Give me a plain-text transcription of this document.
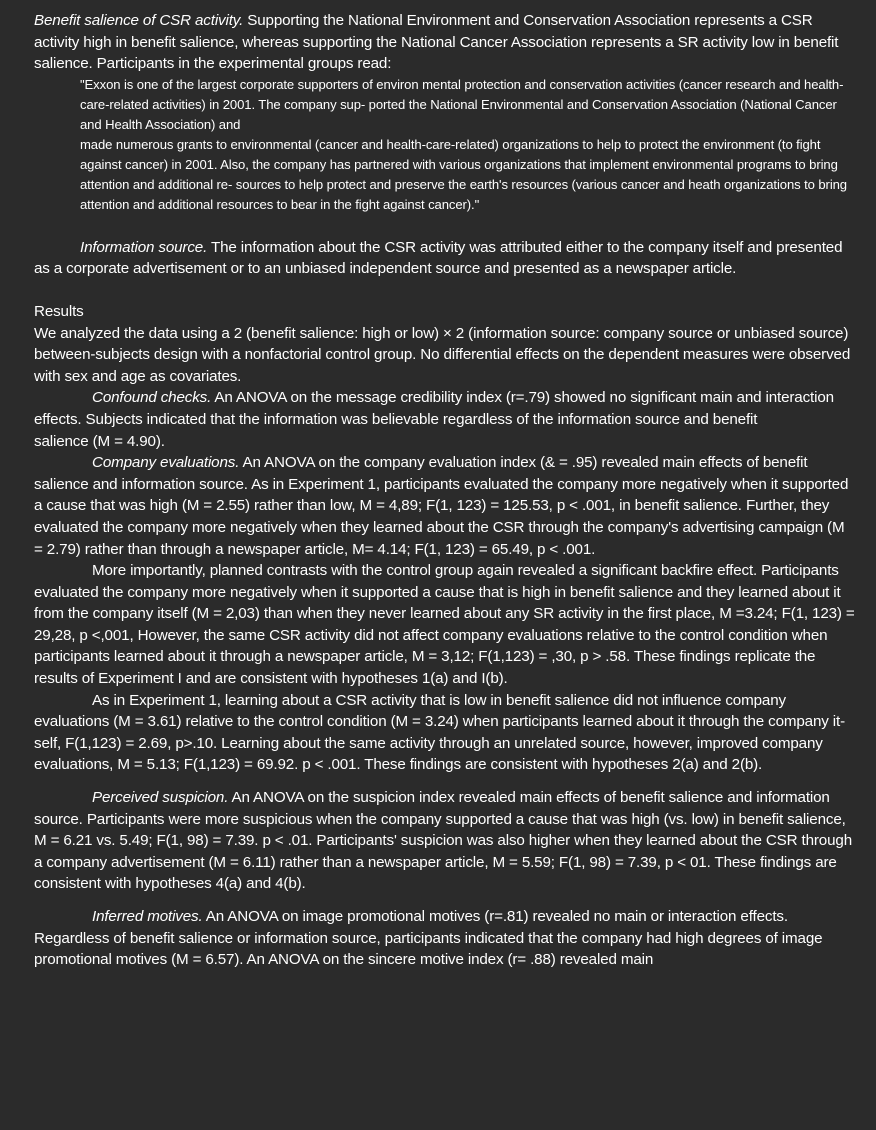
Benefit salience of CSR activity. Supporting the National Environment and Conservation Association represents a CSR activity high in benefit salience, whereas supporting the National Cancer Association represents a SR activity low in benefit salience. Participants in the experimental groups read:

"Exxon is one of the largest corporate supporters of environ mental protection and conservation activities (cancer research and health-care-related activities) in 2001. The company sup- ported the National Environmental and Conservation Association (National Cancer and Health Association) and
made numerous grants to environmental (cancer and health-care-related) organizations to help to protect the environment (to fight against cancer) in 2001. Also, the company has partnered with various organizations that implement environmental programs to bring attention and additional re- sources to help protect and preserve the earth's resources (various cancer and heath organizations to bring attention and additional resources to bear in the fight against cancer)."

Information source. The information about the CSR activity was attributed either to the company itself and presented as a corporate advertisement or to an unbiased independent source and presented as a newspaper article.

Results

We analyzed the data using a 2 (benefit salience: high or low) × 2 (information source: company source or unbiased source) between-subjects design with a nonfactorial control group. No differential effects on the dependent measures were observed with sex and age as covariates.

Confound checks. An ANOVA on the message credibility index (r=.79) showed no significant main and interaction effects. Subjects indicated that the information was believable regardless of the information source and benefit
salience (M = 4.90).

Company evaluations. An ANOVA on the company evaluation index (& = .95) revealed main effects of benefit salience and information source. As in Experiment 1, participants evaluated the company more negatively when it supported a cause that was high (M = 2.55) rather than low, M = 4,89; F(1, 123) = 125.53, p < .001, in benefit salience. Further, they evaluated the company more negatively when they learned about the CSR through the company's advertising campaign (M = 2.79) rather than through a newspaper article, M= 4.14; F(1, 123) = 65.49, p < .001.

More importantly, planned contrasts with the control group again revealed a significant backfire effect. Participants evaluated the company more negatively when it supported a cause that is high in benefit salience and they learned about it from the company itself (M = 2,03) than when they never learned about any SR activity in the first place, M =3.24; F(1, 123) = 29,28, p <,001, However, the same CSR activity did not affect company evaluations relative to the control condition when participants learned about it through a newspaper article, M = 3,12; F(1,123) = ,30, p > .58. These findings replicate the results of Experiment I and are consistent with hypotheses 1(a) and I(b).

As in Experiment 1, learning about a CSR activity that is low in benefit salience did not influence company evaluations (M = 3.61) relative to the control condition (M = 3.24) when participants learned about it through the company it- self, F(1,123) = 2.69, p>.10. Learning about the same activity through an unrelated source, however, improved company evaluations, M = 5.13; F(1,123) = 69.92. p < .001. These findings are consistent with hypotheses 2(a) and 2(b).

Perceived suspicion. An ANOVA on the suspicion index revealed main effects of benefit salience and information source. Participants were more suspicious when the company supported a cause that was high (vs. low) in benefit salience, M = 6.21 vs. 5.49; F(1, 98) = 7.39. p < .01. Participants' suspicion was also higher when they learned about the CSR through a company advertisement (M = 6.11) rather than a newspaper article, M = 5.59; F(1, 98) = 7.39, p < 01. These findings are consistent with hypotheses 4(a) and 4(b).

Inferred motives. An ANOVA on image promotional motives (r=.81) revealed no main or interaction effects. Regardless of benefit salience or information source, participants indicated that the company had high degrees of image promotional motives (M = 6.57). An ANOVA on the sincere motive index (r= .88) revealed main
